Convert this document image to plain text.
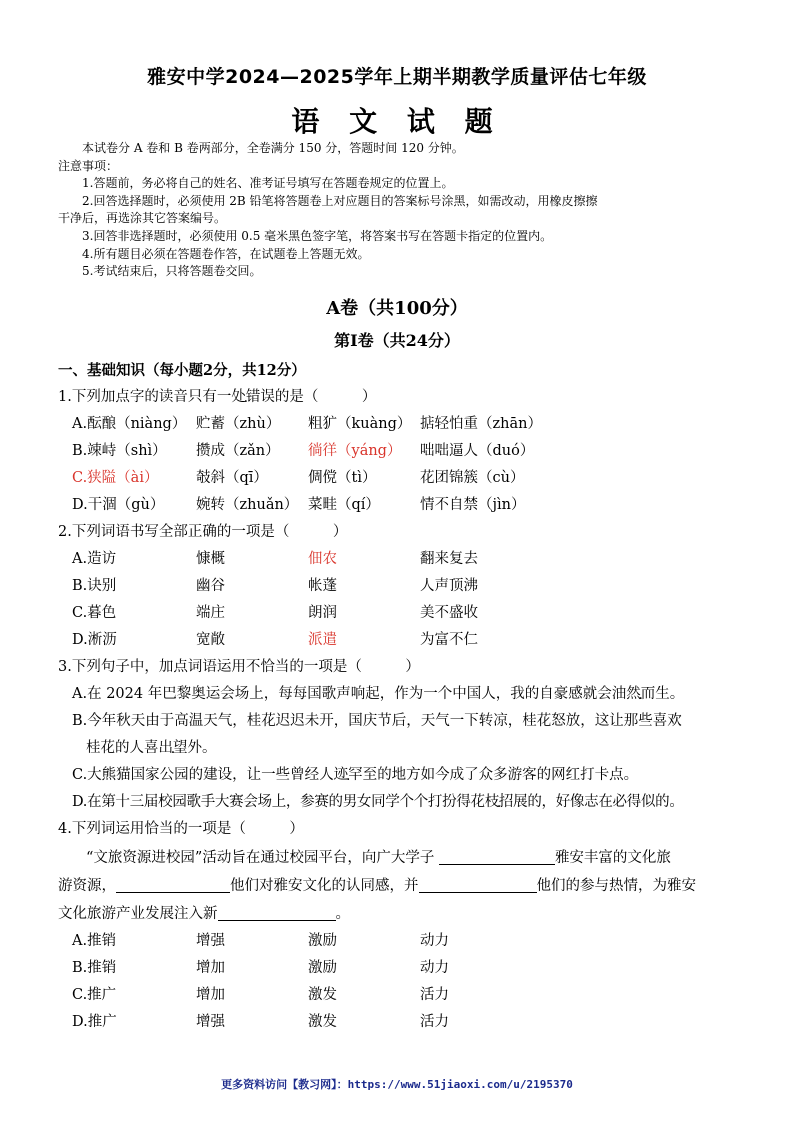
雅安中学2024—2025学年上期半期教学质量评估七年级
语 文 试 题
本试卷分 A 卷和 B 卷两部分，全卷满分 150 分，答题时间 120 分钟。
注意事项：
1.答题前，务必将自己的姓名、准考证号填写在答题卷规定的位置上。
2.回答选择题时，必须使用 2B 铅笔将答题卷上对应题目的答案标号涂黑，如需改动，用橡皮擦擦
干净后，再选涂其它答案编号。
3.回答非选择题时，必须使用 0.5 毫米黑色签字笔，将答案书写在答题卡指定的位置内。
4.所有题目必须在答题卷作答，在试题卷上答题无效。
5.考试结束后，只将答题卷交回。
A卷（共100分）
第Ⅰ卷（共24分）
一、基础知识（每小题2分，共12分）
1.下列加点字的读音只有一处错误的是（　　　）
A.酝酿（niàng） 贮蓄（zhù） 粗犷（kuàng） 掂轻怕重（zhān）
B.竦峙（shì） 攒成（zǎn） 徜徉（yáng） 咄咄逼人（duó）
C.狭隘（ài）	攲斜（qī）	倜傥（tì）	花团锦簇（cù）
D.干涸（gù） 婉转（zhuǎn） 菜畦（qí）	情不自禁（jìn）
2.下列词语书写全部正确的一项是（　　　）
A.造访	慷概	佃农	翻来复去
B.诀别	幽谷	帐蓬	人声顶沸
C.暮色	端庄	朗润	美不盛收
D.淅沥	宽敞	派遣	为富不仁
3.下列句子中，加点词语运用不恰当的一项是（　　　）
A.在 2024 年巴黎奥运会场上，每每国歌声响起，作为一个中国人，我的自豪感就会油然而生。
B.今年秋天由于高温天气，桂花迟迟未开，国庆节后，天气一下转凉，桂花怒放，这让那些喜欢
桂花的人喜出望外。
C.大熊猫国家公园的建设，让一些曾经人迹罕至的地方如今成了众多游客的网红打卡点。
D.在第十三届校园歌手大赛会场上，参赛的男女同学个个打扮得花枝招展的，好像志在必得似的。
4.下列词运用恰当的一项是（　　　）
“文旅资源进校园”活动旨在通过校园平台，向广大学子	雅安丰富的文化旅
游资源，	他们对雅安文化的认同感，并	他们的参与热情，为雅安
文化旅游产业发展注入新	。
A.推销	增强	激励	动力
B.推销	增加	激励	动力
C.推广	增加	激发	活力
D.推广	增强	激发	活力
更多资料访问【教习网】：https://www.51jiaoxi.com/u/2195370
